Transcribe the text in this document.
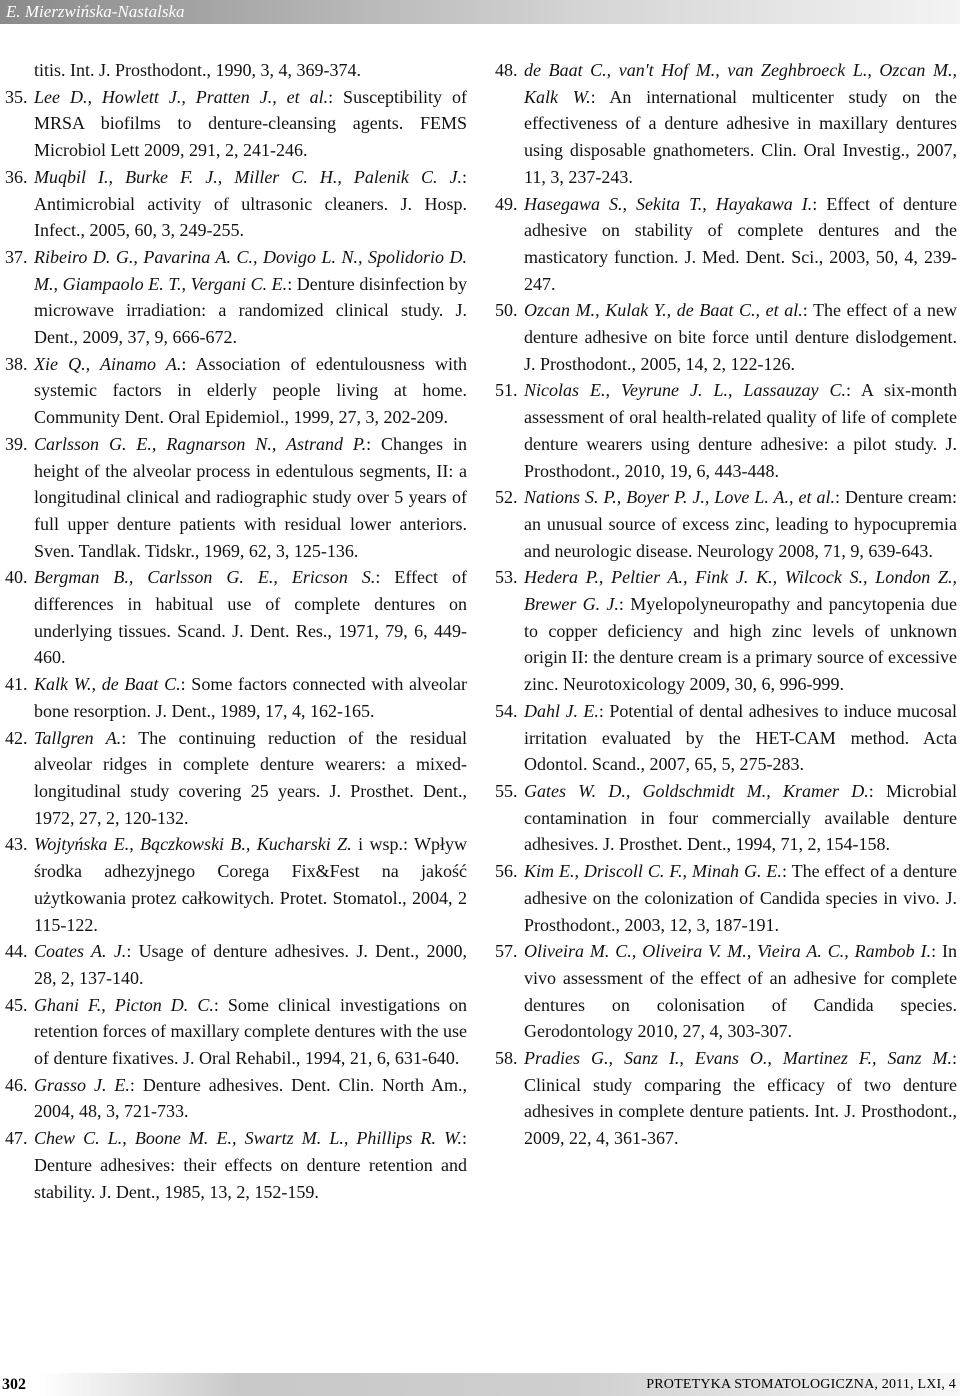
E. Mierzwińska-Nastalska
titis. Int. J. Prosthodont., 1990, 3, 4, 369-374.
35. Lee D., Howlett J., Pratten J., et al.: Susceptibility of MRSA biofilms to denture-cleansing agents. FEMS Microbiol Lett 2009, 291, 2, 241-246.
36. Muqbil I., Burke F. J., Miller C. H., Palenik C. J.: Antimicrobial activity of ultrasonic cleaners. J. Hosp. Infect., 2005, 60, 3, 249-255.
37. Ribeiro D. G., Pavarina A. C., Dovigo L. N., Spolidorio D. M., Giampaolo E. T., Vergani C. E.: Denture disinfection by microwave irradiation: a randomized clinical study. J. Dent., 2009, 37, 9, 666-672.
38. Xie Q., Ainamo A.: Association of edentulousness with systemic factors in elderly people living at home. Community Dent. Oral Epidemiol., 1999, 27, 3, 202-209.
39. Carlsson G. E., Ragnarson N., Astrand P.: Changes in height of the alveolar process in edentulous segments, II: a longitudinal clinical and radiographic study over 5 years of full upper denture patients with residual lower anteriors. Sven. Tandlak. Tidskr., 1969, 62, 3, 125-136.
40. Bergman B., Carlsson G. E., Ericson S.: Effect of differences in habitual use of complete dentures on underlying tissues. Scand. J. Dent. Res., 1971, 79, 6, 449-460.
41. Kalk W., de Baat C.: Some factors connected with alveolar bone resorption. J. Dent., 1989, 17, 4, 162-165.
42. Tallgren A.: The continuing reduction of the residual alveolar ridges in complete denture wearers: a mixed-longitudinal study covering 25 years. J. Prosthet. Dent., 1972, 27, 2, 120-132.
43. Wojtyńska E., Bączkowski B., Kucharski Z. i wsp.: Wpływ środka adhezyjnego Corega Fix&Fest na jakość użytkowania protez całkowitych. Protet. Stomatol., 2004, 2 115-122.
44. Coates A. J.: Usage of denture adhesives. J. Dent., 2000, 28, 2, 137-140.
45. Ghani F., Picton D. C.: Some clinical investigations on retention forces of maxillary complete dentures with the use of denture fixatives. J. Oral Rehabil., 1994, 21, 6, 631-640.
46. Grasso J. E.: Denture adhesives. Dent. Clin. North Am., 2004, 48, 3, 721-733.
47. Chew C. L., Boone M. E., Swartz M. L., Phillips R. W.: Denture adhesives: their effects on denture retention and stability. J. Dent., 1985, 13, 2, 152-159.
48. de Baat C., van't Hof M., van Zeghbroeck L., Ozcan M., Kalk W.: An international multicenter study on the effectiveness of a denture adhesive in maxillary dentures using disposable gnathometers. Clin. Oral Investig., 2007, 11, 3, 237-243.
49. Hasegawa S., Sekita T., Hayakawa I.: Effect of denture adhesive on stability of complete dentures and the masticatory function. J. Med. Dent. Sci., 2003, 50, 4, 239-247.
50. Ozcan M., Kulak Y., de Baat C., et al.: The effect of a new denture adhesive on bite force until denture dislodgement. J. Prosthodont., 2005, 14, 2, 122-126.
51. Nicolas E., Veyrune J. L., Lassauzay C.: A six-month assessment of oral health-related quality of life of complete denture wearers using denture adhesive: a pilot study. J. Prosthodont., 2010, 19, 6, 443-448.
52. Nations S. P., Boyer P. J., Love L. A., et al.: Denture cream: an unusual source of excess zinc, leading to hypocupremia and neurologic disease. Neurology 2008, 71, 9, 639-643.
53. Hedera P., Peltier A., Fink J. K., Wilcock S., London Z., Brewer G. J.: Myelopolyneuropathy and pancytopenia due to copper deficiency and high zinc levels of unknown origin II: the denture cream is a primary source of excessive zinc. Neurotoxicology 2009, 30, 6, 996-999.
54. Dahl J. E.: Potential of dental adhesives to induce mucosal irritation evaluated by the HET-CAM method. Acta Odontol. Scand., 2007, 65, 5, 275-283.
55. Gates W. D., Goldschmidt M., Kramer D.: Microbial contamination in four commercially available denture adhesives. J. Prosthet. Dent., 1994, 71, 2, 154-158.
56. Kim E., Driscoll C. F., Minah G. E.: The effect of a denture adhesive on the colonization of Candida species in vivo. J. Prosthodont., 2003, 12, 3, 187-191.
57. Oliveira M. C., Oliveira V. M., Vieira A. C., Rambob I.: In vivo assessment of the effect of an adhesive for complete dentures on colonisation of Candida species. Gerodontology 2010, 27, 4, 303-307.
58. Pradies G., Sanz I., Evans O., Martinez F., Sanz M.: Clinical study comparing the efficacy of two denture adhesives in complete denture patients. Int. J. Prosthodont., 2009, 22, 4, 361-367.
302	PROTETYKA STOMATOLOGICZNA, 2011, LXI, 4
